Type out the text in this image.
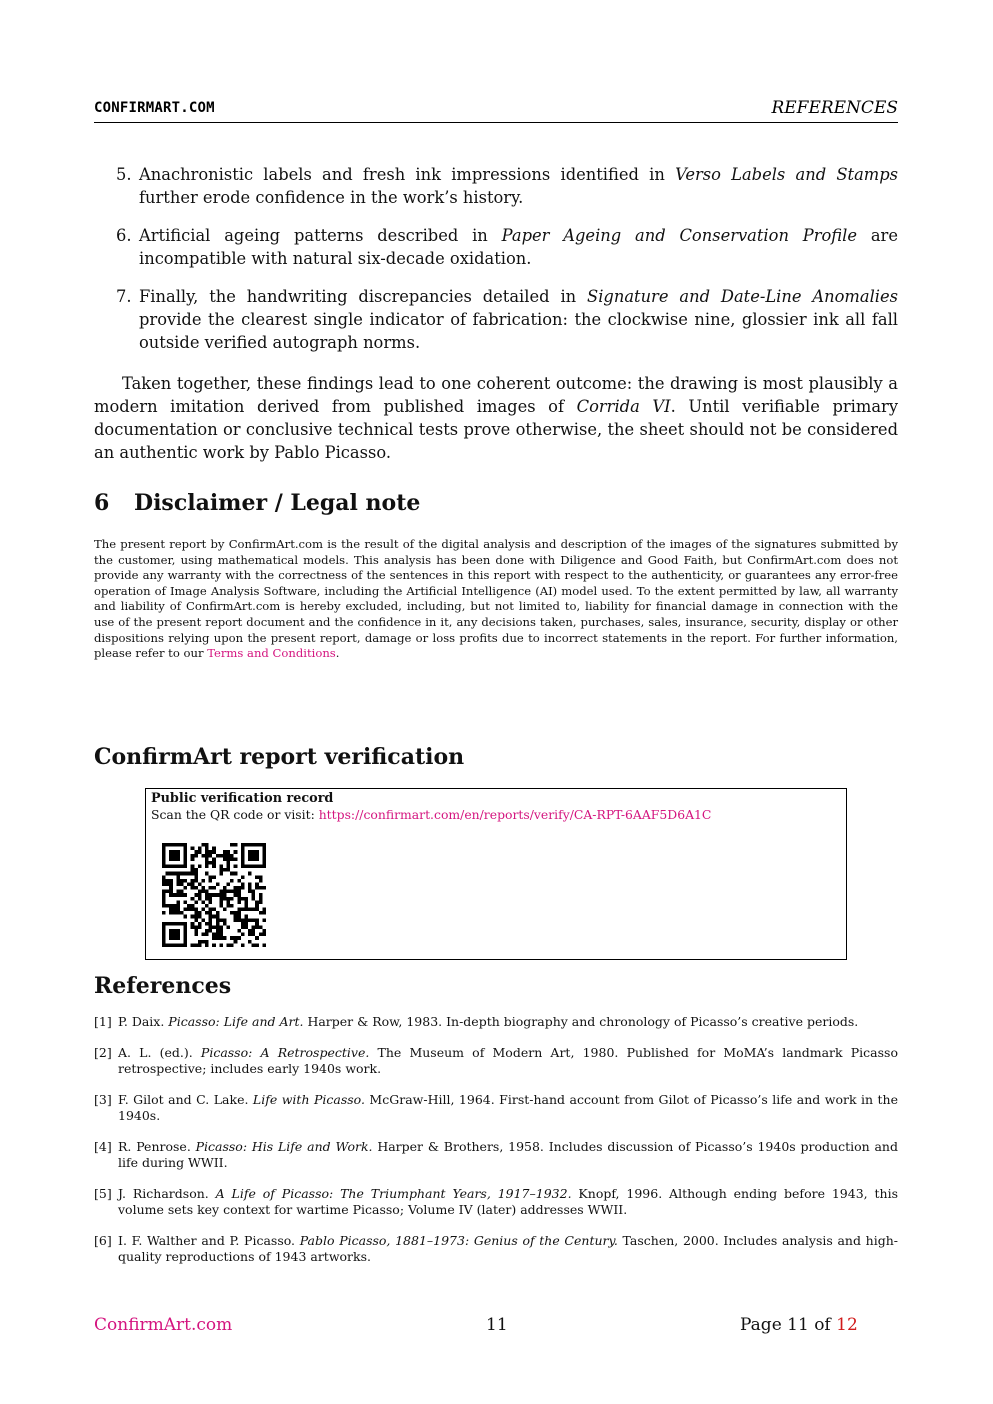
CONFIRMART.COM	REFERENCES
5. Anachronistic labels and fresh ink impressions identified in Verso Labels and Stamps further erode confidence in the work’s history.
6. Artificial ageing patterns described in Paper Ageing and Conservation Profile are incompatible with natural six-decade oxidation.
7. Finally, the handwriting discrepancies detailed in Signature and Date-Line Anomalies provide the clearest single indicator of fabrication: the clockwise nine, glossier ink all fall outside verified autograph norms.
Taken together, these findings lead to one coherent outcome: the drawing is most plausibly a modern imitation derived from published images of Corrida VI. Until verifiable primary documentation or conclusive technical tests prove otherwise, the sheet should not be considered an authentic work by Pablo Picasso.
6 Disclaimer / Legal note
The present report by ConfirmArt.com is the result of the digital analysis and description of the images of the signatures submitted by the customer, using mathematical models. This analysis has been done with Diligence and Good Faith, but ConfirmArt.com does not provide any warranty with the correctness of the sentences in this report with respect to the authenticity, or guarantees any error-free operation of Image Analysis Software, including the Artificial Intelligence (AI) model used. To the extent permitted by law, all warranty and liability of ConfirmArt.com is hereby excluded, including, but not limited to, liability for financial damage in connection with the use of the present report document and the confidence in it, any decisions taken, purchases, sales, insurance, security, display or other dispositions relying upon the present report, damage or loss profits due to incorrect statements in the report. For further information, please refer to our Terms and Conditions.
ConfirmArt report verification
Public verification record
Scan the QR code or visit: https://confirmart.com/en/reports/verify/CA-RPT-6AAF5D6A1C
References
[1] P. Daix. Picasso: Life and Art. Harper & Row, 1983. In-depth biography and chronology of Picasso’s creative periods.
[2] A. L. (ed.). Picasso: A Retrospective. The Museum of Modern Art, 1980. Published for MoMA’s landmark Picasso retrospective; includes early 1940s work.
[3] F. Gilot and C. Lake. Life with Picasso. McGraw-Hill, 1964. First-hand account from Gilot of Picasso’s life and work in the 1940s.
[4] R. Penrose. Picasso: His Life and Work. Harper & Brothers, 1958. Includes discussion of Picasso’s 1940s production and life during WWII.
[5] J. Richardson. A Life of Picasso: The Triumphant Years, 1917–1932. Knopf, 1996. Although ending before 1943, this volume sets key context for wartime Picasso; Volume IV (later) addresses WWII.
[6] I. F. Walther and P. Picasso. Pablo Picasso, 1881–1973: Genius of the Century. Taschen, 2000. Includes analysis and high-quality reproductions of 1943 artworks.
ConfirmArt.com	11	Page 11 of 12
